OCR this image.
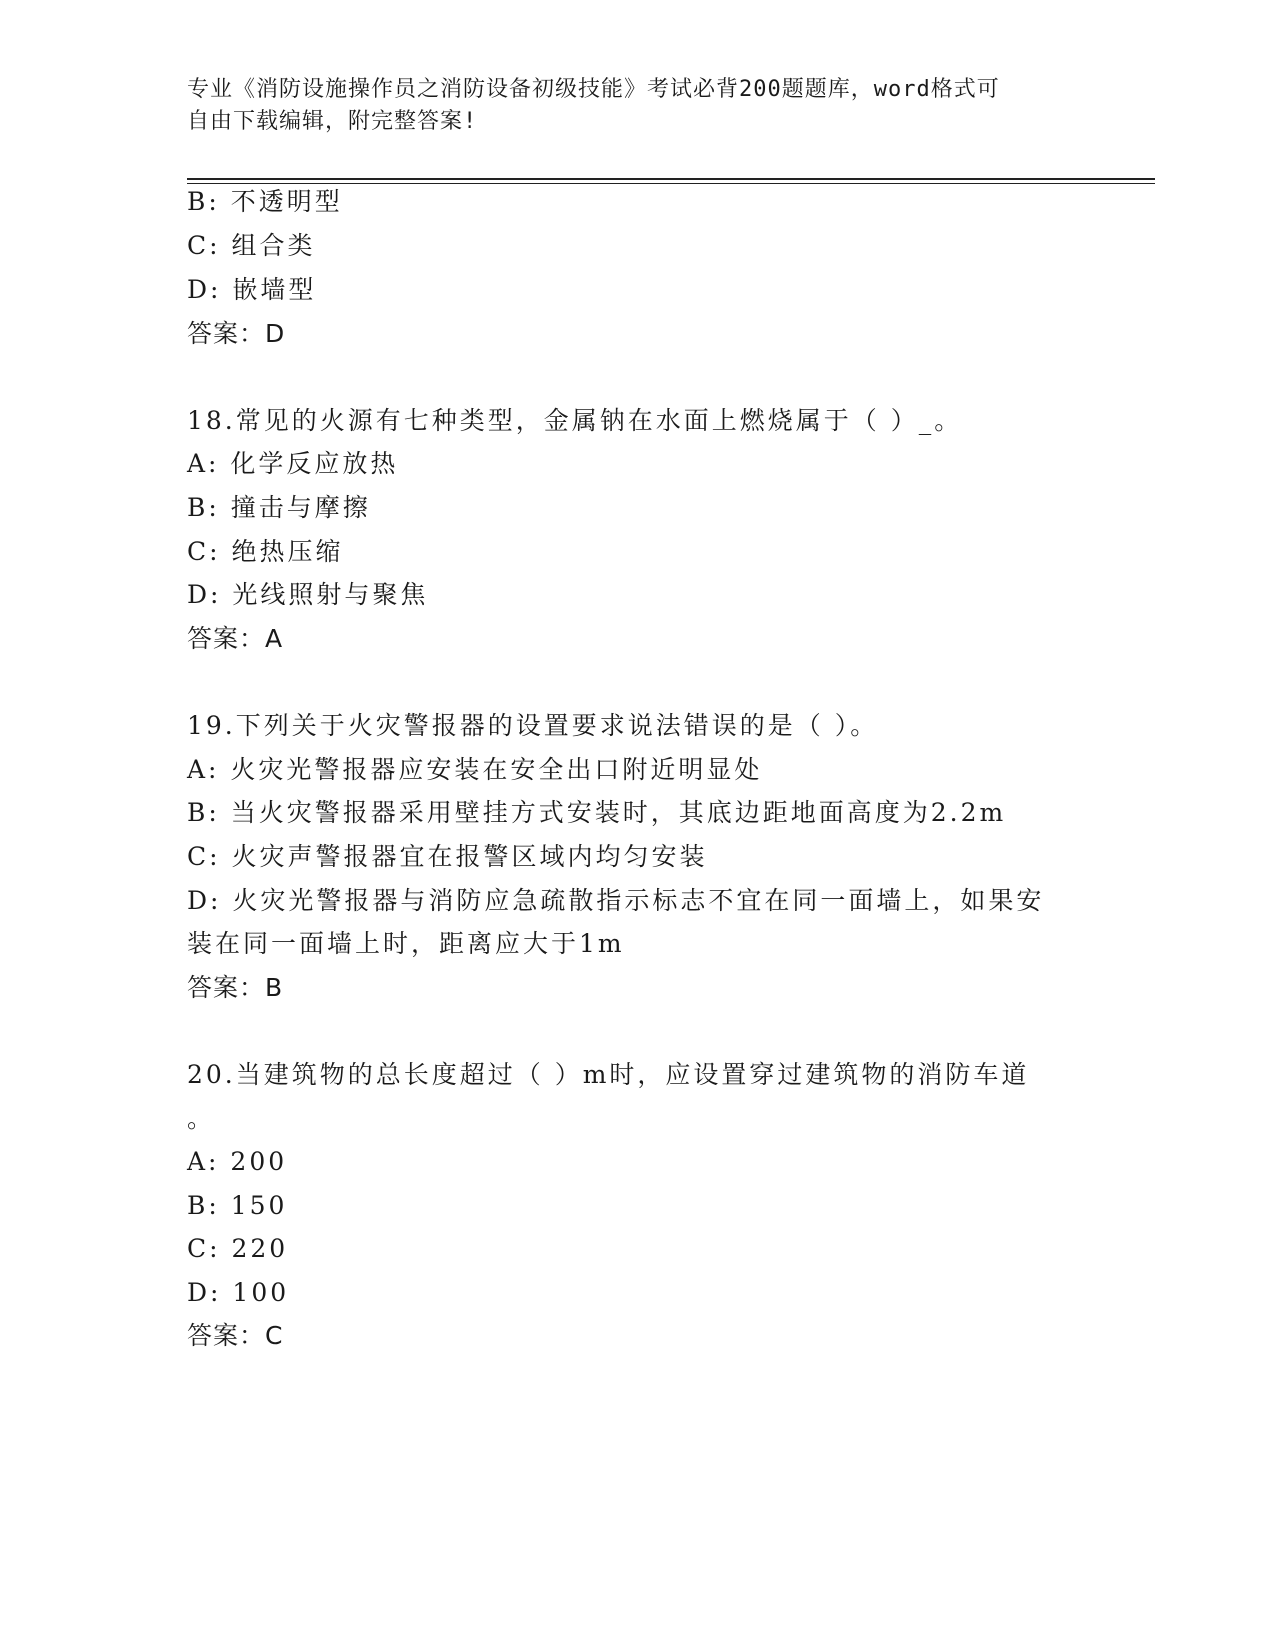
专业《消防设施操作员之消防设备初级技能》考试必背200题题库，word格式可
自由下载编辑，附完整答案!
B: 不透明型
C: 组合类
D: 嵌墙型
答案：D
18.常见的火源有七种类型，金属钠在水面上燃烧属于（ ）_。
A: 化学反应放热
B: 撞击与摩擦
C: 绝热压缩
D: 光线照射与聚焦
答案：A
19.下列关于火灾警报器的设置要求说法错误的是（ ）。
A: 火灾光警报器应安装在安全出口附近明显处
B: 当火灾警报器采用壁挂方式安装时，其底边距地面高度为2.2m
C: 火灾声警报器宜在报警区域内均匀安装
D: 火灾光警报器与消防应急疏散指示标志不宜在同一面墙上，如果安
装在同一面墙上时，距离应大于1m
答案：B
20.当建筑物的总长度超过（ ）m时，应设置穿过建筑物的消防车道
。
A: 200
B: 150
C: 220
D: 100
答案：C
